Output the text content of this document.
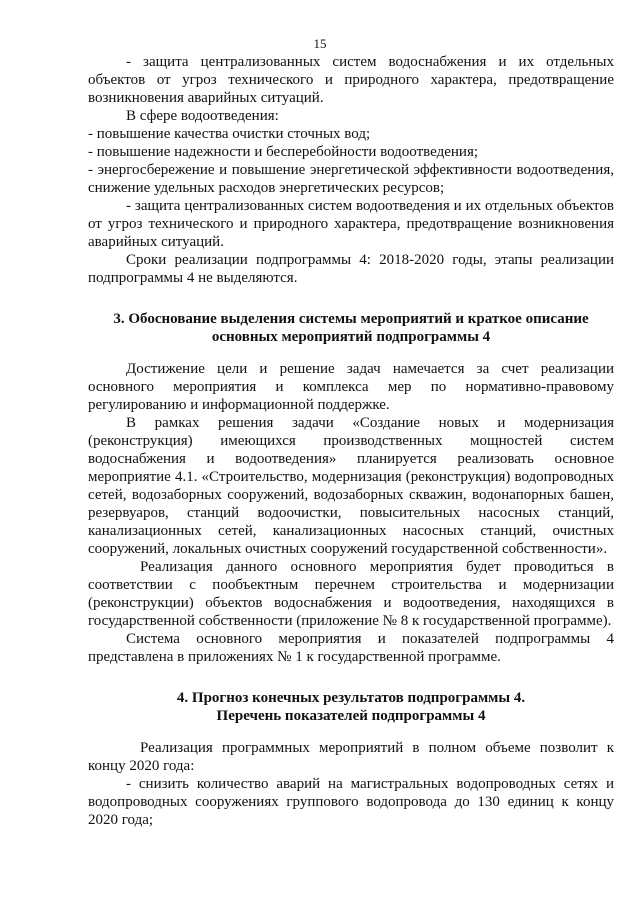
15

- защита централизованных систем водоснабжения и их отдельных объектов от угроз технического и природного характера, предотвращение возникновения аварийных ситуаций.

В сфере водоотведения:

- повышение качества очистки сточных вод;

- повышение надежности и бесперебойности водоотведения;

- энергосбережение и повышение энергетической эффективности водоотведения, снижение удельных расходов энергетических ресурсов;

- защита централизованных систем водоотведения и их отдельных объектов от угроз технического и природного характера, предотвращение возникновения аварийных ситуаций.

Сроки реализации подпрограммы 4: 2018-2020 годы, этапы реализации подпрограммы 4 не выделяются.

3. Обоснование выделения системы мероприятий и краткое описание
основных мероприятий подпрограммы 4

Достижение цели и решение задач намечается за счет реализации основного мероприятия и комплекса мер по нормативно-правовому регулированию и информационной поддержке.

В рамках решения задачи «Создание новых и модернизация (реконструкция) имеющихся производственных мощностей систем водоснабжения и водоотведения» планируется реализовать основное мероприятие 4.1. «Строительство, модернизация (реконструкция) водопроводных сетей, водозаборных сооружений, водозаборных скважин, водонапорных башен, резервуаров, станций водоочистки, повысительных насосных станций, канализационных сетей, канализационных насосных станций, очистных сооружений, локальных очистных сооружений государственной собственности».

Реализация данного основного мероприятия будет проводиться в соответствии с пообъектным перечнем строительства и модернизации (реконструкции) объектов водоснабжения и водоотведения, находящихся в государственной собственности (приложение № 8 к государственной программе).

Система основного мероприятия и показателей подпрограммы 4 представлена в приложениях № 1 к государственной программе.

4. Прогноз конечных результатов подпрограммы 4.
Перечень показателей подпрограммы 4

Реализация программных мероприятий в полном объеме позволит к концу 2020 года:

- снизить количество аварий на магистральных водопроводных сетях и водопроводных сооружениях группового водопровода до 130 единиц к концу 2020 года;
